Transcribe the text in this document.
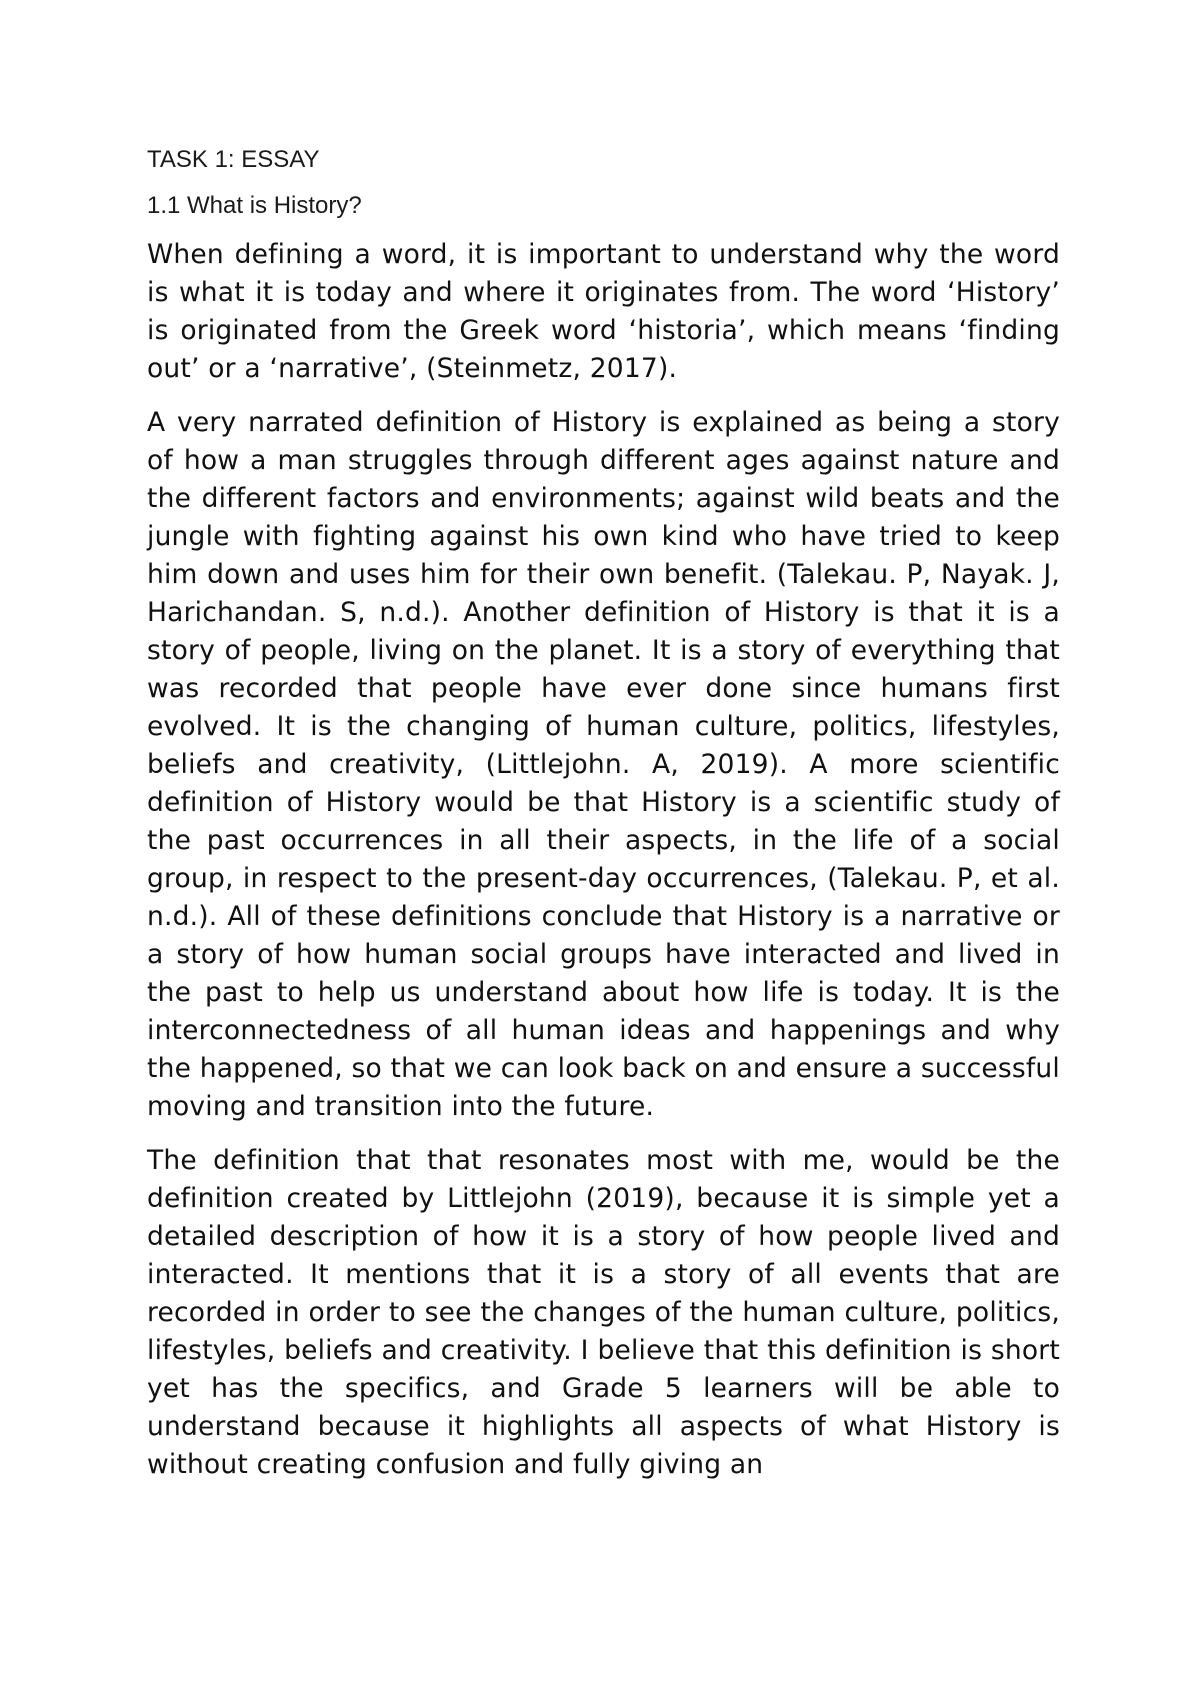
TASK 1: ESSAY

1.1 What is History?

When defining a word, it is important to understand why the word is what it is today and where it originates from. The word ‘History’ is originated from the Greek word ‘historia’, which means ‘finding out’ or a ‘narrative’, (Steinmetz, 2017).

A very narrated definition of History is explained as being a story of how a man struggles through different ages against nature and the different factors and environments; against wild beats and the jungle with fighting against his own kind who have tried to keep him down and uses him for their own benefit. (Talekau. P, Nayak. J, Harichandan. S, n.d.). Another definition of History is that it is a story of people, living on the planet. It is a story of everything that was recorded that people have ever done since humans first evolved. It is the changing of human culture, politics, lifestyles, beliefs and creativity, (Littlejohn. A, 2019). A more scientific definition of History would be that History is a scientific study of the past occurrences in all their aspects, in the life of a social group, in respect to the present-day occurrences, (Talekau. P, et al. n.d.). All of these definitions conclude that History is a narrative or a story of how human social groups have interacted and lived in the past to help us understand about how life is today. It is the interconnectedness of all human ideas and happenings and why the happened, so that we can look back on and ensure a successful moving and transition into the future.

The definition that that resonates most with me, would be the definition created by Littlejohn (2019), because it is simple yet a detailed description of how it is a story of how people lived and interacted. It mentions that it is a story of all events that are recorded in order to see the changes of the human culture, politics, lifestyles, beliefs and creativity. I believe that this definition is short yet has the specifics, and Grade 5 learners will be able to understand because it highlights all aspects of what History is without creating confusion and fully giving an
